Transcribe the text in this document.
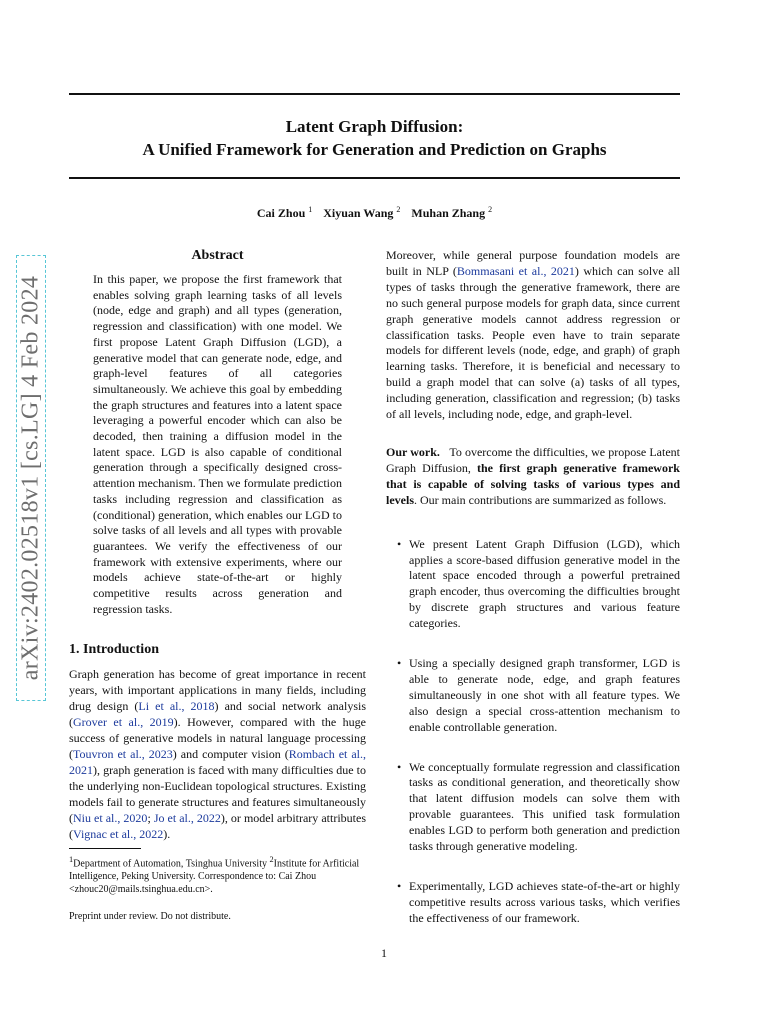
Latent Graph Diffusion:
A Unified Framework for Generation and Prediction on Graphs
Cai Zhou $^1$ Xiyuan Wang $^2$ Muhan Zhang $^2$
arXiv:2402.02518v1 [cs.LG] 4 Feb 2024
Abstract

In this paper, we propose the first framework that enables solving graph learning tasks of all levels (node, edge and graph) and all types (generation, regression and classification) with one model. We first propose Latent Graph Diffusion (LGD), a generative model that can generate node, edge, and graph-level features of all categories simultaneously. We achieve this goal by embedding the graph structures and features into a latent space leveraging a powerful encoder which can also be decoded, then training a diffusion model in the latent space. LGD is also capable of conditional generation through a specifically designed cross-attention mechanism. Then we formulate prediction tasks including regression and classification as (conditional) generation, which enables our LGD to solve tasks of all levels and all types with provable guarantees. We verify the effectiveness of our framework with extensive experiments, where our models achieve state-of-the-art or highly competitive results across generation and regression tasks.

1. Introduction

Graph generation has become of great importance in recent years, with important applications in many fields, including drug design (Li et al., 2018) and social network analysis (Grover et al., 2019). However, compared with the huge success of generative models in natural language processing (Touvron et al., 2023) and computer vision (Rombach et al., 2021), graph generation is faced with many difficulties due to the underlying non-Euclidean topological structures. Existing models fail to generate structures and features simultaneously (Niu et al., 2020; Jo et al., 2022), or model arbitrary attributes (Vignac et al., 2022).

$^1$Department of Automation, Tsinghua University $^2$Institute for Arfiticial Intelligence, Peking University. Correspondence to: Cai Zhou <zhouc20@mails.tsinghua.edu.cn>.

Preprint under review. Do not distribute.

Moreover, while general purpose foundation models are built in NLP (Bommasani et al., 2021) which can solve all types of tasks through the generative framework, there are no such general purpose models for graph data, since current graph generative models cannot address regression or classification tasks. People even have to train separate models for different levels (node, edge, and graph) of graph learning tasks. Therefore, it is beneficial and necessary to build a graph model that can solve (a) tasks of all types, including generation, classification and regression; (b) tasks of all levels, including node, edge, and graph-level.

Our work. To overcome the difficulties, we propose Latent Graph Diffusion, the first graph generative framework that is capable of solving tasks of various types and levels. Our main contributions are summarized as follows.

• We present Latent Graph Diffusion (LGD), which applies a score-based diffusion generative model in the latent space encoded through a powerful pretrained graph encoder, thus overcoming the difficulties brought by discrete graph structures and various feature categories.
• Using a specially designed graph transformer, LGD is able to generate node, edge, and graph features simultaneously in one shot with all feature types. We also design a special cross-attention mechanism to enable controllable generation.
• We conceptually formulate regression and classification tasks as conditional generation, and theoretically show that latent diffusion models can solve them with provable guarantees. This unified task formulation enables LGD to perform both generation and prediction tasks through generative modeling.
• Experimentally, LGD achieves state-of-the-art or highly competitive results across various tasks, which verifies the effectiveness of our framework.
1
